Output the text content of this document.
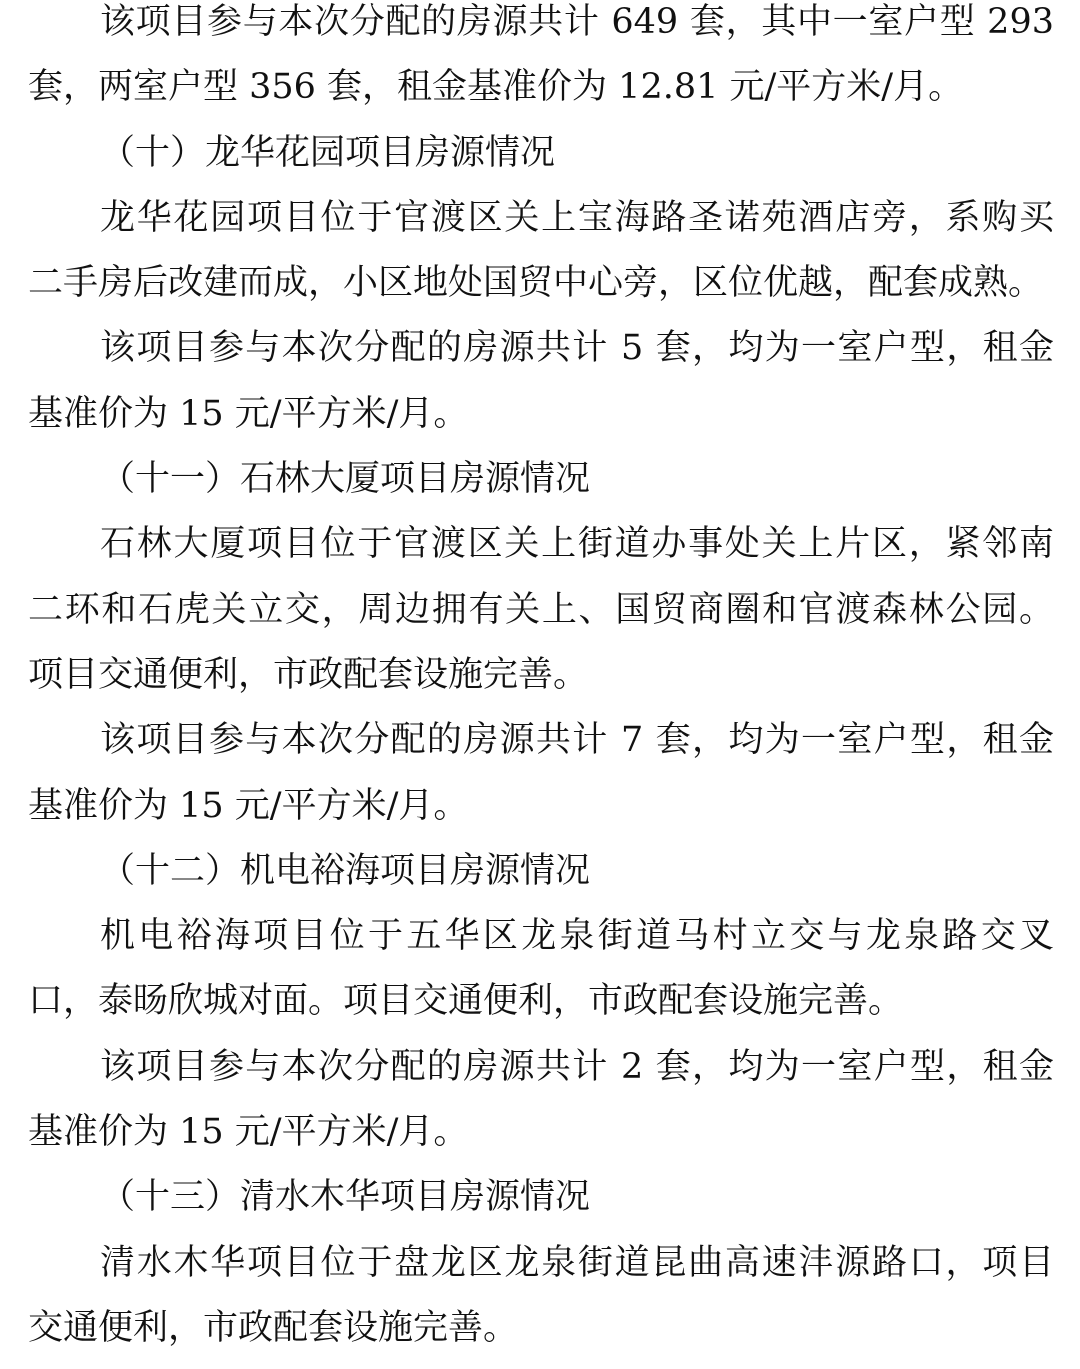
该项目参与本次分配的房源共计 649 套，其中一室户型 293
套，两室户型 356 套，租金基准价为 12.81 元/平方米/月。
（十）龙华花园项目房源情况
龙华花园项目位于官渡区关上宝海路圣诺苑酒店旁，系购买
二手房后改建而成，小区地处国贸中心旁，区位优越，配套成熟。
该项目参与本次分配的房源共计 5 套，均为一室户型，租金
基准价为 15 元/平方米/月。
（十一）石林大厦项目房源情况
石林大厦项目位于官渡区关上街道办事处关上片区，紧邻南
二环和石虎关立交，周边拥有关上、国贸商圈和官渡森林公园。
项目交通便利，市政配套设施完善。
该项目参与本次分配的房源共计 7 套，均为一室户型，租金
基准价为 15 元/平方米/月。
（十二）机电裕海项目房源情况
机电裕海项目位于五华区龙泉街道马村立交与龙泉路交叉
口，泰旸欣城对面。项目交通便利，市政配套设施完善。
该项目参与本次分配的房源共计 2 套，均为一室户型，租金
基准价为 15 元/平方米/月。
（十三）清水木华项目房源情况
清水木华项目位于盘龙区龙泉街道昆曲高速沣源路口，项目
交通便利，市政配套设施完善。
